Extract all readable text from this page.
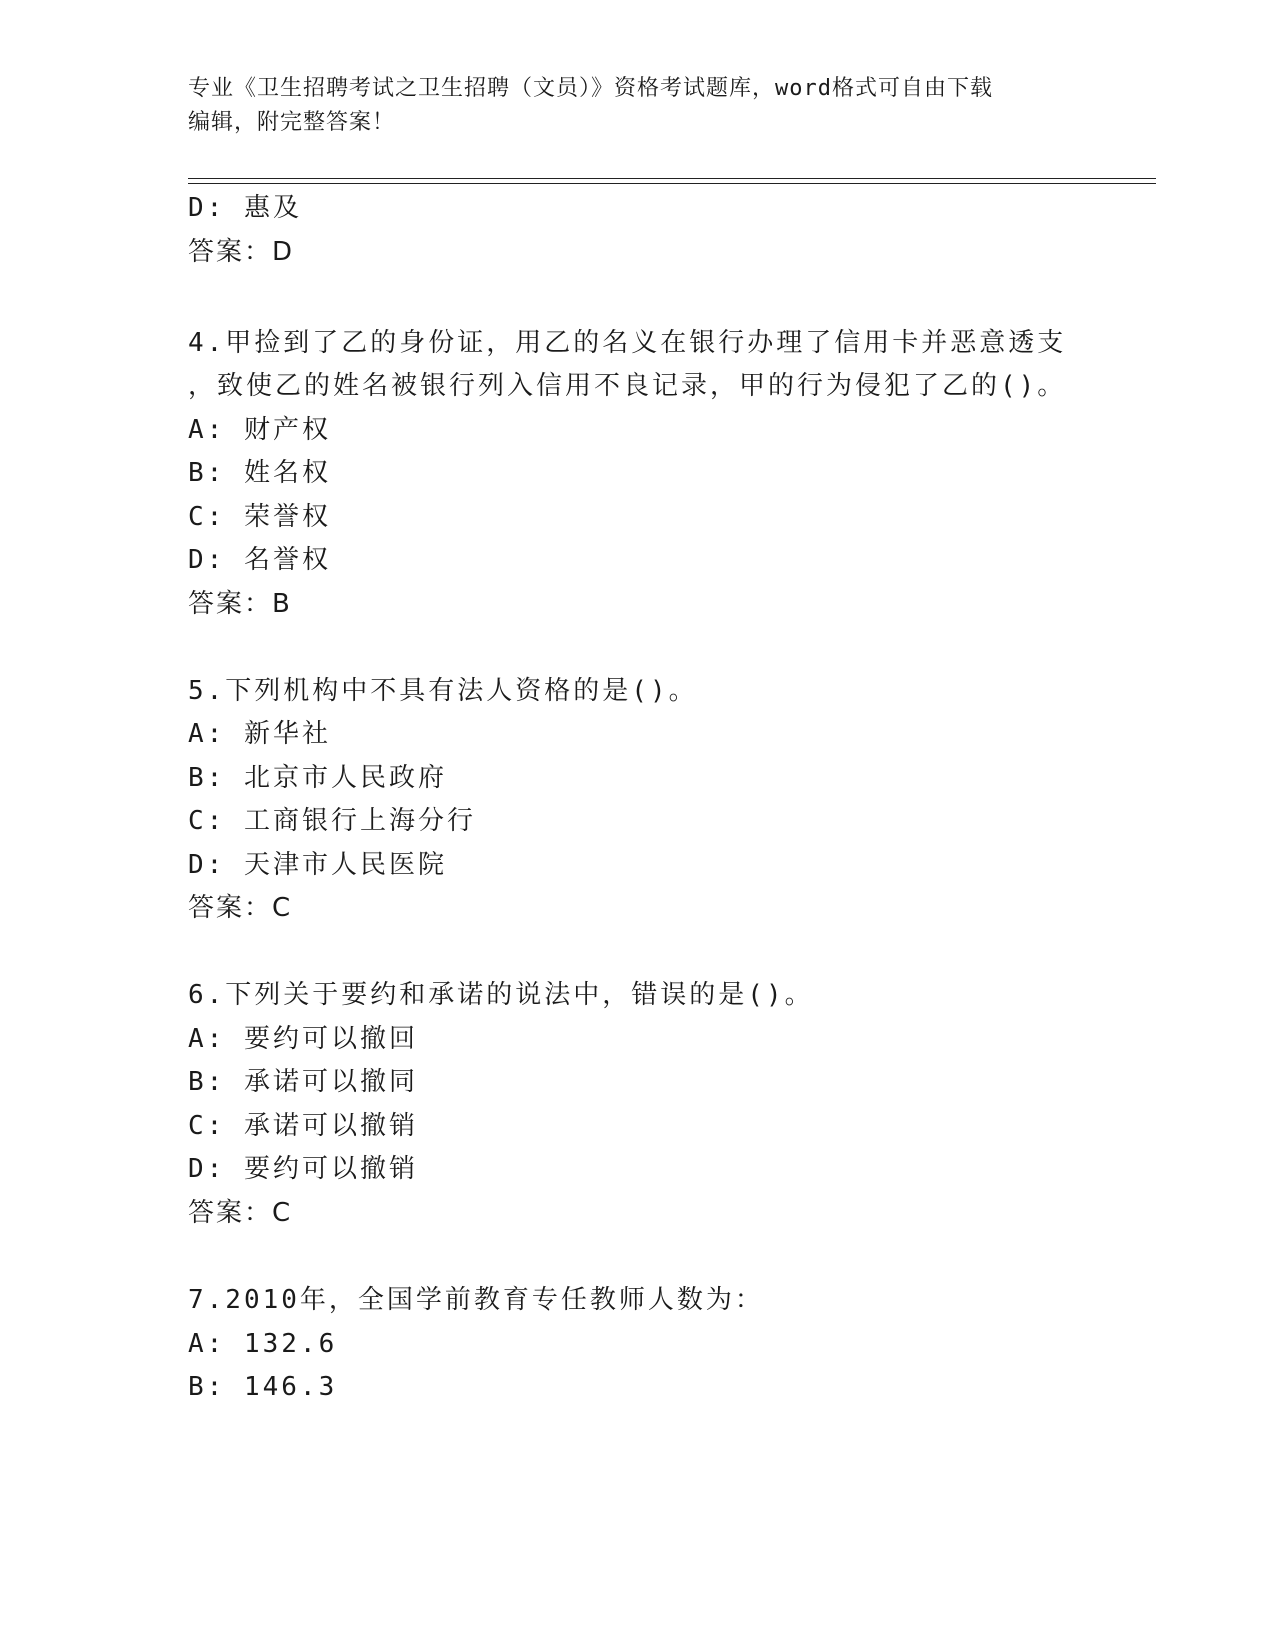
专业《卫生招聘考试之卫生招聘（文员）》资格考试题库，word格式可自由下载
编辑，附完整答案！
D: 惠及
答案：D
4.甲捡到了乙的身份证，用乙的名义在银行办理了信用卡并恶意透支
，致使乙的姓名被银行列入信用不良记录，甲的行为侵犯了乙的()。
A: 财产权
B: 姓名权
C: 荣誉权
D: 名誉权
答案：B
5.下列机构中不具有法人资格的是()。
A: 新华社
B: 北京市人民政府
C: 工商银行上海分行
D: 天津市人民医院
答案：C
6.下列关于要约和承诺的说法中，错误的是()。
A: 要约可以撤回
B: 承诺可以撤同
C: 承诺可以撤销
D: 要约可以撤销
答案：C
7.2010年，全国学前教育专任教师人数为：
A: 132.6
B: 146.3
